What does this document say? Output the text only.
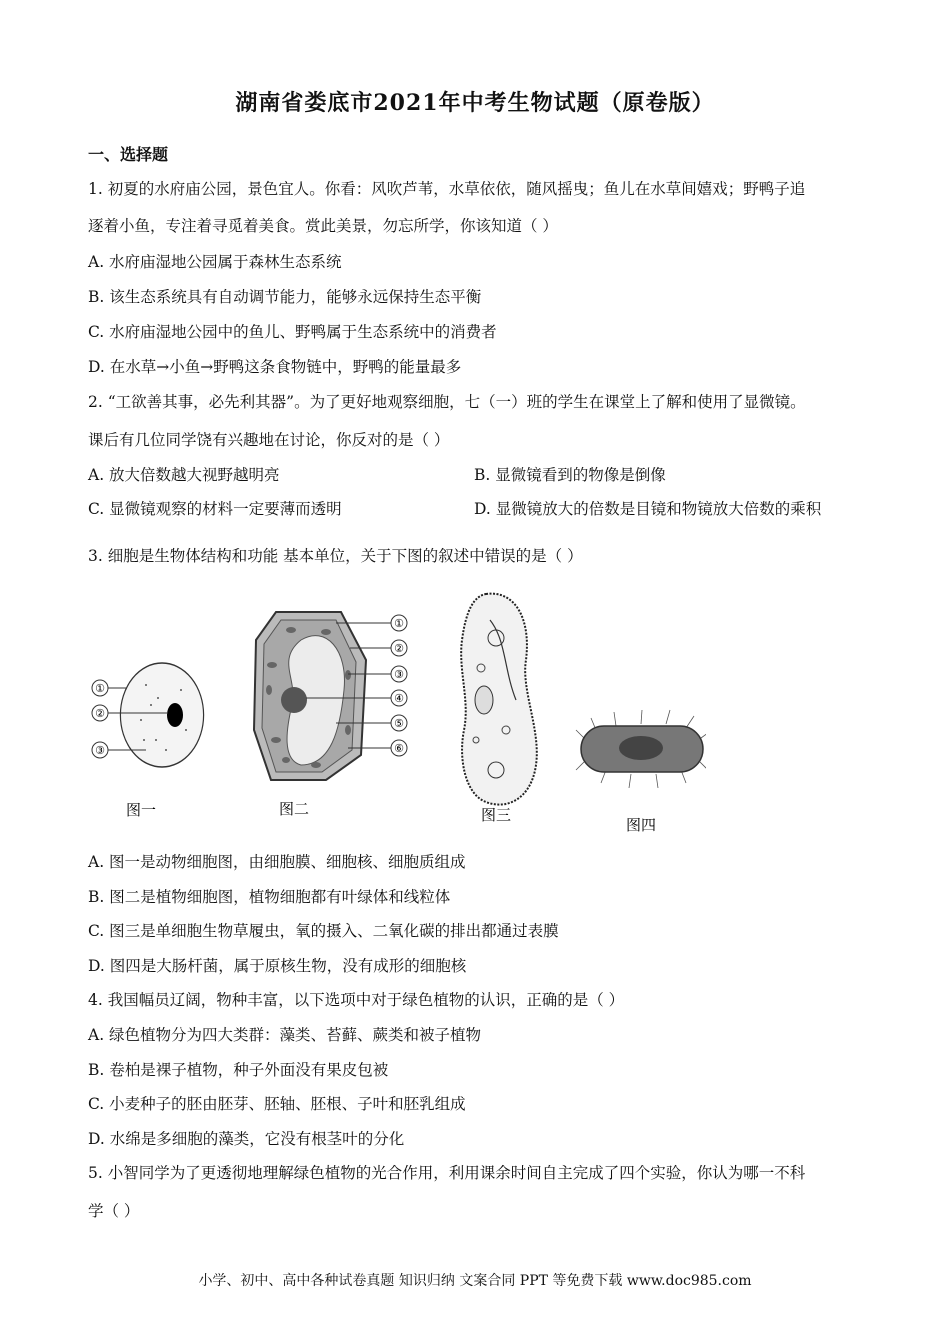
湖南省娄底市2021年中考生物试题（原卷版）
一、选择题
1. 初夏的水府庙公园，景色宜人。你看：风吹芦苇，水草依依，随风摇曳；鱼儿在水草间嬉戏；野鸭子追
逐着小鱼，专注着寻觅着美食。赏此美景，勿忘所学，你该知道（ ）
A. 水府庙湿地公园属于森林生态系统
B. 该生态系统具有自动调节能力，能够永远保持生态平衡
C. 水府庙湿地公园中的鱼儿、野鸭属于生态系统中的消费者
D. 在水草→小鱼→野鸭这条食物链中，野鸭的能量最多
2. “工欲善其事，必先利其器”。为了更好地观察细胞，七（一）班的学生在课堂上了解和使用了显微镜。
课后有几位同学饶有兴趣地在讨论，你反对的是（ ）
A. 放大倍数越大视野越明亮	B. 显微镜看到的物像是倒像
C. 显微镜观察的材料一定要薄而透明	D. 显微镜放大的倍数是目镜和物镜放大倍数的乘积
3. 细胞是生物体结构和功能 基本单位，关于下图的叙述中错误的是（ ）
①
②
③
图一
①
②
③
④
⑤
⑥
图二	图三
图四
A. 图一是动物细胞图，由细胞膜、细胞核、细胞质组成
B. 图二是植物细胞图，植物细胞都有叶绿体和线粒体
C. 图三是单细胞生物草履虫，氧的摄入、二氧化碳的排出都通过表膜
D. 图四是大肠杆菌，属于原核生物，没有成形的细胞核
4. 我国幅员辽阔，物种丰富，以下选项中对于绿色植物的认识，正确的是（ ）
A. 绿色植物分为四大类群：藻类、苔藓、蕨类和被子植物
B. 卷柏是裸子植物，种子外面没有果皮包被
C. 小麦种子的胚由胚芽、胚轴、胚根、子叶和胚乳组成
D. 水绵是多细胞的藻类，它没有根茎叶的分化
5. 小智同学为了更透彻地理解绿色植物的光合作用，利用课余时间自主完成了四个实验，你认为哪一不科
学（ ）
小学、初中、高中各种试卷真题 知识归纳 文案合同 PPT 等免费下载 www.doc985.com
